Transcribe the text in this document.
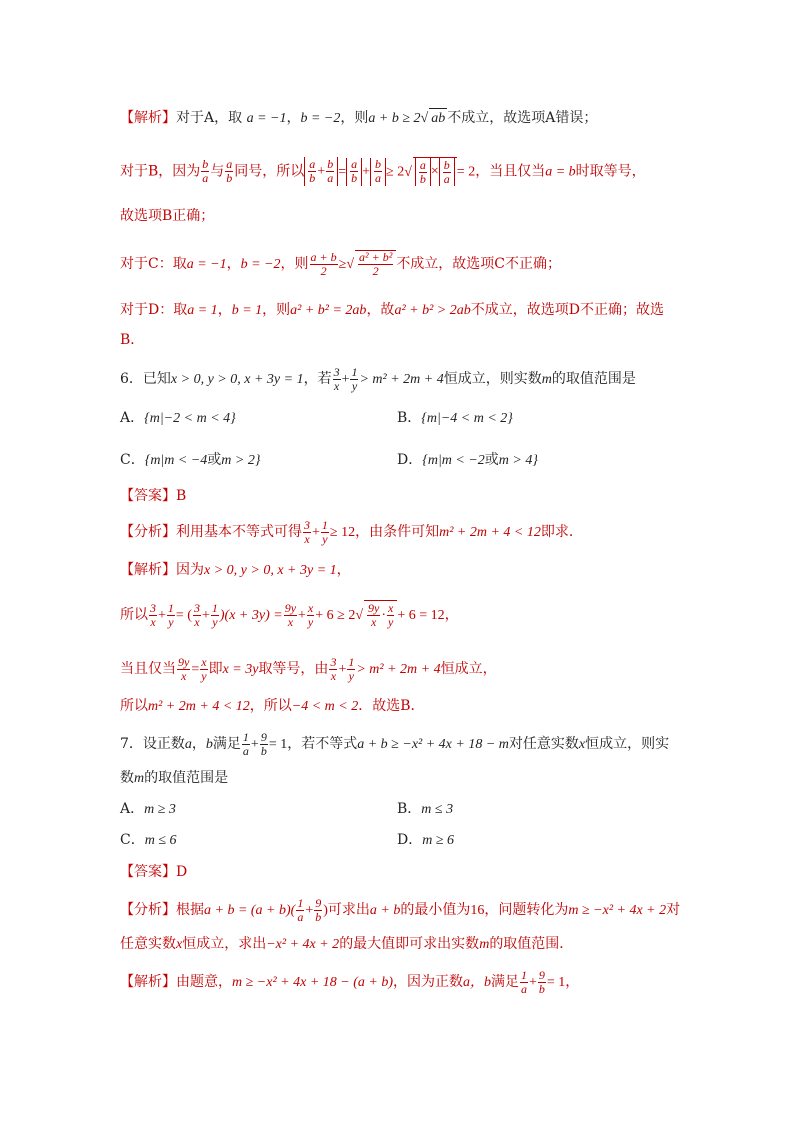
【解析】对于A，取 a = −1，b = −2，则a + b ≥ 2√ ab 不成立，故选项A错误；
对于B，因为 $\frac{b}{a}$ 与 $\frac{a}{b}$ 同号，所以 $\frac{a}{b} + \frac{b}{a} = \frac{a}{b} + \frac{b}{a} \ge 2√ \frac{a}{b} \times \frac{b}{a} = 2$，当且仅当a = b时取等号，
故选项B正确；
对于C：取a = −1，b = −2，则 $\frac{a + b}{2}$ ≥√ $\frac{\text{a² + b²}}{2}$ 不成立，故选项C不正确；
对于D：取a = 1，b = 1，则a² + b² = 2ab，故a² + b² > 2ab不成立，故选项D不正确；故选
B．
6．已知x > 0, y > 0, x + 3y = 1，若 $\frac{3}{x} + \frac{1}{y} > m^2 + 2m + 4$恒成立，则实数m的取值范围是
A．{m|−2 < m < 4}	B．{m|−4 < m < 2}
C．{m|m < −4或m > 2}	D．{m|m < −2或m > 4}
【答案】B
【分析】利用基本不等式可得 $\frac{3}{x} + \frac{1}{y} \ge 12$，由条件可知m² + 2m + 4 < 12即求．
【解析】因为x > 0, y > 0, x + 3y = 1，
所以 $\frac{3}{x} + \frac{1}{y}$ = ( $\frac{3}{x} + \frac{1}{y} )(x + 3y) = \frac{9y}{x} + \frac{x}{y} + 6 \ge 2√ \frac{9y}{x} \cdot \frac{x}{y} + 6 = 12$，
当且仅当 $\frac{9y}{x} = \frac{x}{y}$ 即x = 3y取等号，由 $\frac{3}{x} + \frac{1}{y} > m^2 + 2m + 4$恒成立，
所以m² + 2m + 4 < 12，所以−4 < m < 2．故选B．
7．设正数a，b满足 $\frac{1}{a} + \frac{9}{b} = 1$，若不等式a + b ≥ −x² + 4x + 18 − m对任意实数x恒成立，则实
数m的取值范围是
A．m ≥ 3	B．m ≤ 3
C．m ≤ 6	D．m ≥ 6
【答案】D
【分析】根据$a + b = (a + b)( \frac{1}{a} + \frac{9}{b}$ )可求出a + b的最小值为16，问题转化为m ≥ −x² + 4x + 2对
任意实数x恒成立，求出−x² + 4x + 2的最大值即可求出实数m的取值范围．
【解析】由题意，m ≥ −x² + 4x + 18 − (a + b)，因为正数a，b满足 $\frac{1}{a} + \frac{9}{b} = 1$，
